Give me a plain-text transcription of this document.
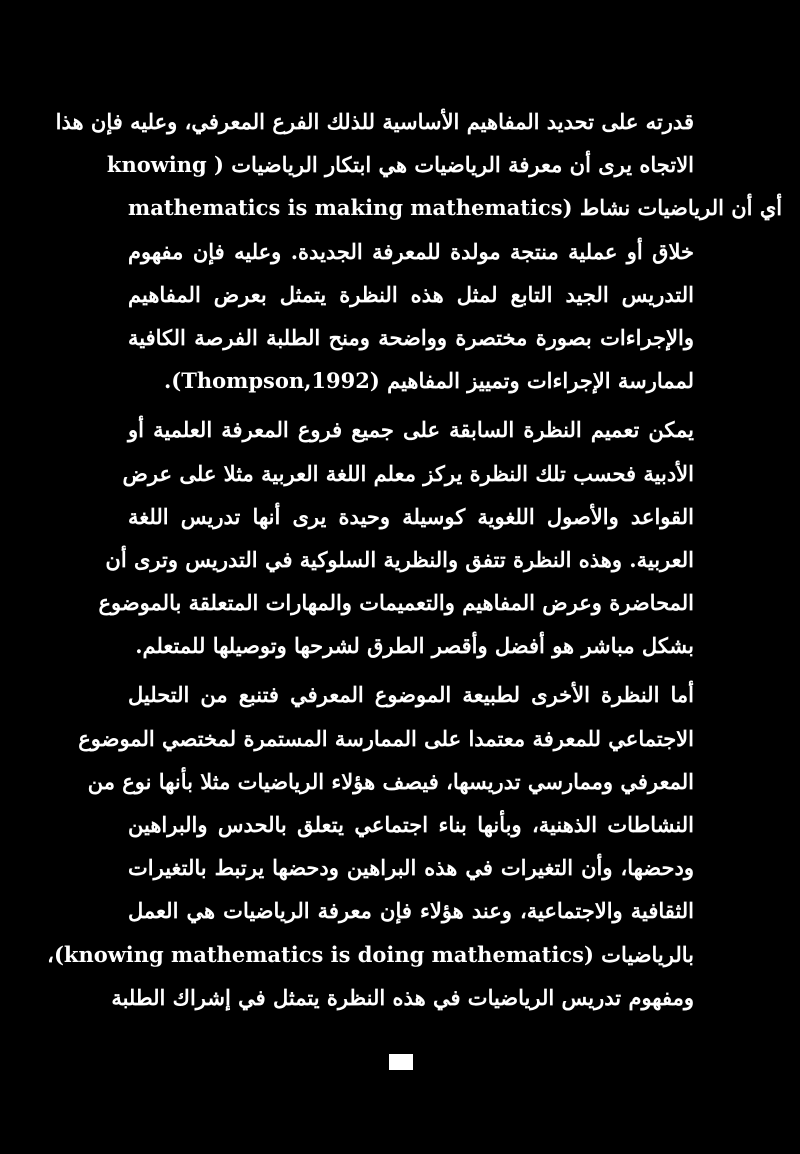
قدرته على تحديد المفاهيم الأساسية للذلك الفرع المعرفي، وعليه فإن هذا
الاتجاه يرى أن معرفة الرياضيات هي ابتكار الرياضيات ( knowing
mathematics is making mathematics) أي أن الرياضيات نشاط
خلاق أو عملية منتجة مولدة للمعرفة الجديدة. وعليه فإن مفهوم
التدريس الجيد التابع لمثل هذه النظرة يتمثل بعرض المفاهيم
والإجراءات بصورة مختصرة وواضحة ومنح الطلبة الفرصة الكافية
لممارسة الإجراءات وتمييز المفاهيم (Thompson,1992).
يمكن تعميم النظرة السابقة على جميع فروع المعرفة العلمية أو
الأدبية فحسب تلك النظرة يركز معلم اللغة العربية مثلا على عرض
القواعد والأصول اللغوية كوسيلة وحيدة يرى أنها تدريس اللغة
العربية. وهذه النظرة تتفق والنظرية السلوكية في التدريس وترى أن
المحاضرة وعرض المفاهيم والتعميمات والمهارات المتعلقة بالموضوع
بشكل مباشر هو أفضل وأقصر الطرق لشرحها وتوصيلها للمتعلم.
أما النظرة الأخرى لطبيعة الموضوع المعرفي فتنبع من التحليل
الاجتماعي للمعرفة معتمدا على الممارسة المستمرة لمختصي الموضوع
المعرفي وممارسي تدريسها، فيصف هؤلاء الرياضيات مثلا بأنها نوع من
النشاطات الذهنية، وبأنها بناء اجتماعي يتعلق بالحدس والبراهين
ودحضها، وأن التغيرات في هذه البراهين ودحضها يرتبط بالتغيرات
الثقافية والاجتماعية، وعند هؤلاء فإن معرفة الرياضيات هي العمل
بالرياضيات (knowing mathematics is doing mathematics)،
ومفهوم تدريس الرياضيات في هذه النظرة يتمثل في إشراك الطلبة
